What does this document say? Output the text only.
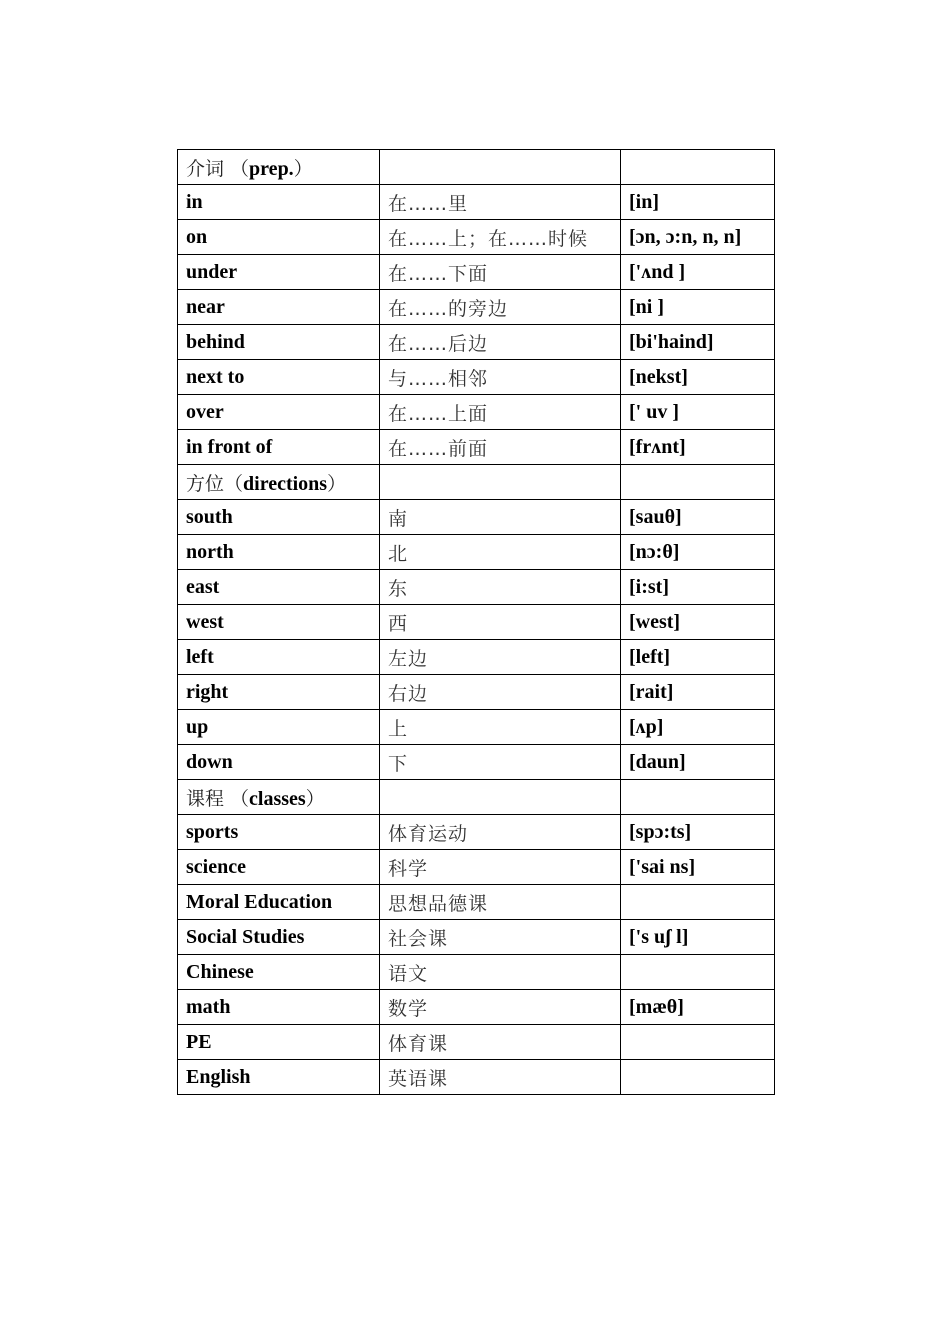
介词 （prep.）		
in	在……里	[in]
on	在……上；在……时候	[ɔn, ɔ:n, n, n]
under	在……下面	['ʌnd ]
near	在……的旁边	[ni ]
behind	在……后边	[bi'haind]
next to	与……相邻	[nekst]
over	在……上面	[' uv ]
in front of	在……前面	[frʌnt]
方位（directions）		
south	南	[sauθ]
north	北	[nɔ:θ]
east	东	[i:st]
west	西	[west]
left	左边	[left]
right	右边	[rait]
up	上	[ʌp]
down	下	[daun]
课程 （classes）		
sports	体育运动	[spɔ:ts]
science	科学	['sai ns]
Moral Education	思想品德课	
Social Studies	社会课	['s uʃ l]
Chinese	语文	
math	数学	[mæθ]
PE	体育课	
English	英语课	
